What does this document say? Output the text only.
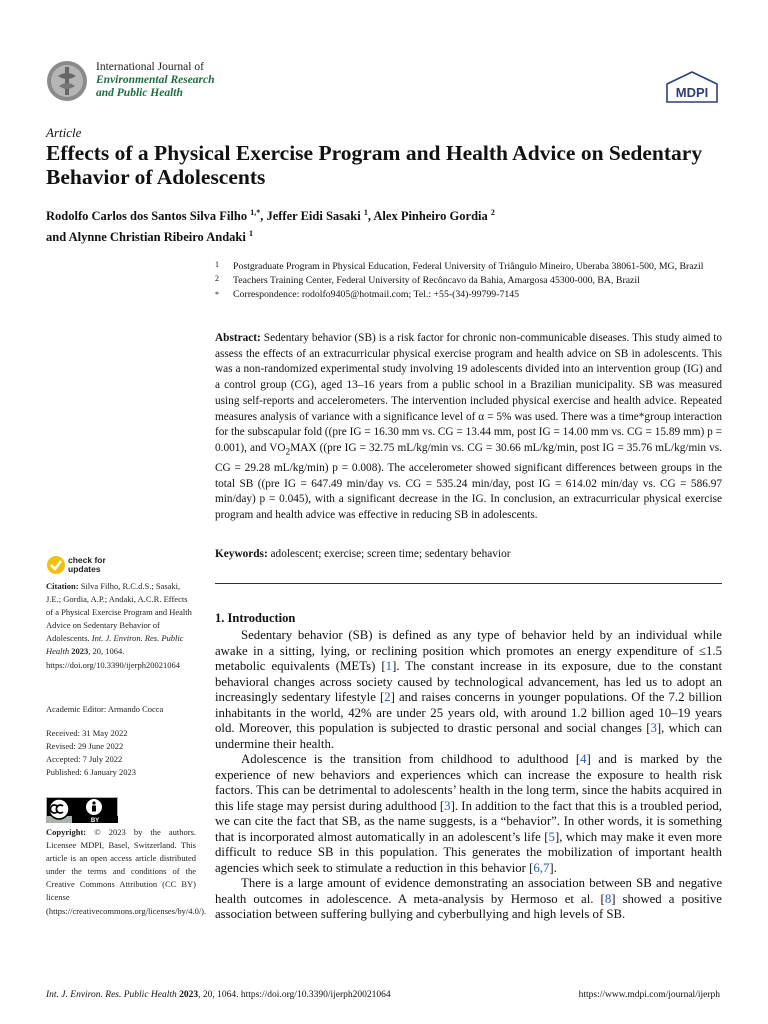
International Journal of
Environmental Research
and Public Health	MDPI
Article
Effects of a Physical Exercise Program and Health Advice on Sedentary Behavior of Adolescents
Rodolfo Carlos dos Santos Silva Filho $^{1,*}$, Jeffer Eidi Sasaki $^1$, Alex Pinheiro Gordia $^2$
and Alynne Christian Ribeiro Andaki $^1$
1 Postgraduate Program in Physical Education, Federal University of Triângulo Mineiro, Uberaba 38061-500, MG, Brazil
2 Teachers Training Center, Federal University of Recôncavo da Bahia, Amargosa 45300-000, BA, Brazil
* Correspondence: rodolfo9405@hotmail.com; Tel.: +55-(34)-99799-7145
Abstract: Sedentary behavior (SB) is a risk factor for chronic non-communicable diseases. This study aimed to assess the effects of an extracurricular physical exercise program and health advice on SB in adolescents. This was a non-randomized experimental study involving 19 adolescents divided into an intervention group (IG) and a control group (CG), aged 13–16 years from a public school in a Brazilian municipality. SB was measured using self-reports and accelerometers. The intervention included physical exercise and health advice. Repeated measures analysis of variance with a significance level of α = 5% was used. There was a time*group interaction for the subscapular fold ((pre IG = 16.30 mm vs. CG = 13.44 mm, post IG = 14.00 mm vs. CG = 15.89 mm) p = 0.001), and $VO_2MAX$ ((pre IG = 32.75 mL/kg/min vs. CG = 30.66 mL/kg/min, post IG = 35.76 mL/kg/min vs. CG = 29.28 mL/kg/min) p = 0.008). The accelerometer showed significant differences between groups in the total SB ((pre IG = 647.49 min/day vs. CG = 535.24 min/day, post IG = 614.02 min/day vs. CG = 586.97 min/day) p = 0.045), with a significant decrease in the IG. In conclusion, an extracurricular physical exercise program and health advice was effective in reducing SB in adolescents.
Keywords: adolescent; exercise; screen time; sedentary behavior
check for
updates
Citation: Silva Filho, R.C.d.S.; Sasaki, J.E.; Gordia, A.P.; Andaki, A.C.R. Effects of a Physical Exercise Program and Health Advice on Sedentary Behavior of Adolescents. Int. J. Environ. Res. Public Health 2023, 20, 1064. https://doi.org/10.3390/ijerph20021064
Academic Editor: Armando Cocca
Received: 31 May 2022
Revised: 29 June 2022
Accepted: 7 July 2022
Published: 6 January 2023
BY
Copyright: © 2023 by the authors. Licensee MDPI, Basel, Switzerland. This article is an open access article distributed under the terms and conditions of the Creative Commons Attribution (CC BY) license (https://creativecommons.org/licenses/by/4.0/).
1. Introduction

Sedentary behavior (SB) is defined as any type of behavior held by an individual while awake in a sitting, lying, or reclining position which promotes an energy expenditure of ≤1.5 metabolic equivalents (METs) [1]. The constant increase in its exposure, due to the constant behavioral changes across society caused by technological advancement, has led us to adopt an increasingly sedentary lifestyle [2] and raises concerns in younger populations. Of the 7.2 billion inhabitants in the world, 42% are under 25 years old, with around 1.2 billion aged 10–19 years old. Moreover, this population is subjected to drastic personal and social changes [3], which can undermine their health.

Adolescence is the transition from childhood to adulthood [4] and is marked by the experience of new behaviors and experiences which can increase the exposure to health risk factors. This can be detrimental to adolescents’ health in the long term, since the habits acquired in this life stage may persist during adulthood [3]. In addition to the fact that this is a troubled period, we can cite the fact that SB, as the name suggests, is a “behavior”. In other words, it is something that is incorporated almost automatically in an adolescent’s life [5], which may make it even more difficult to reduce SB in this population. This generates the mobilization of important health agencies which seek to stimulate a reduction in this behavior [6,7].

There is a large amount of evidence demonstrating an association between SB and negative health outcomes in adolescence. A meta-analysis by Hermoso et al. [8] showed a positive association between suffering bullying and cyberbullying and high levels of SB.

Int. J. Environ. Res. Public Health 2023, 20, 1064. https://doi.org/10.3390/ijerph20021064	https://www.mdpi.com/journal/ijerph
